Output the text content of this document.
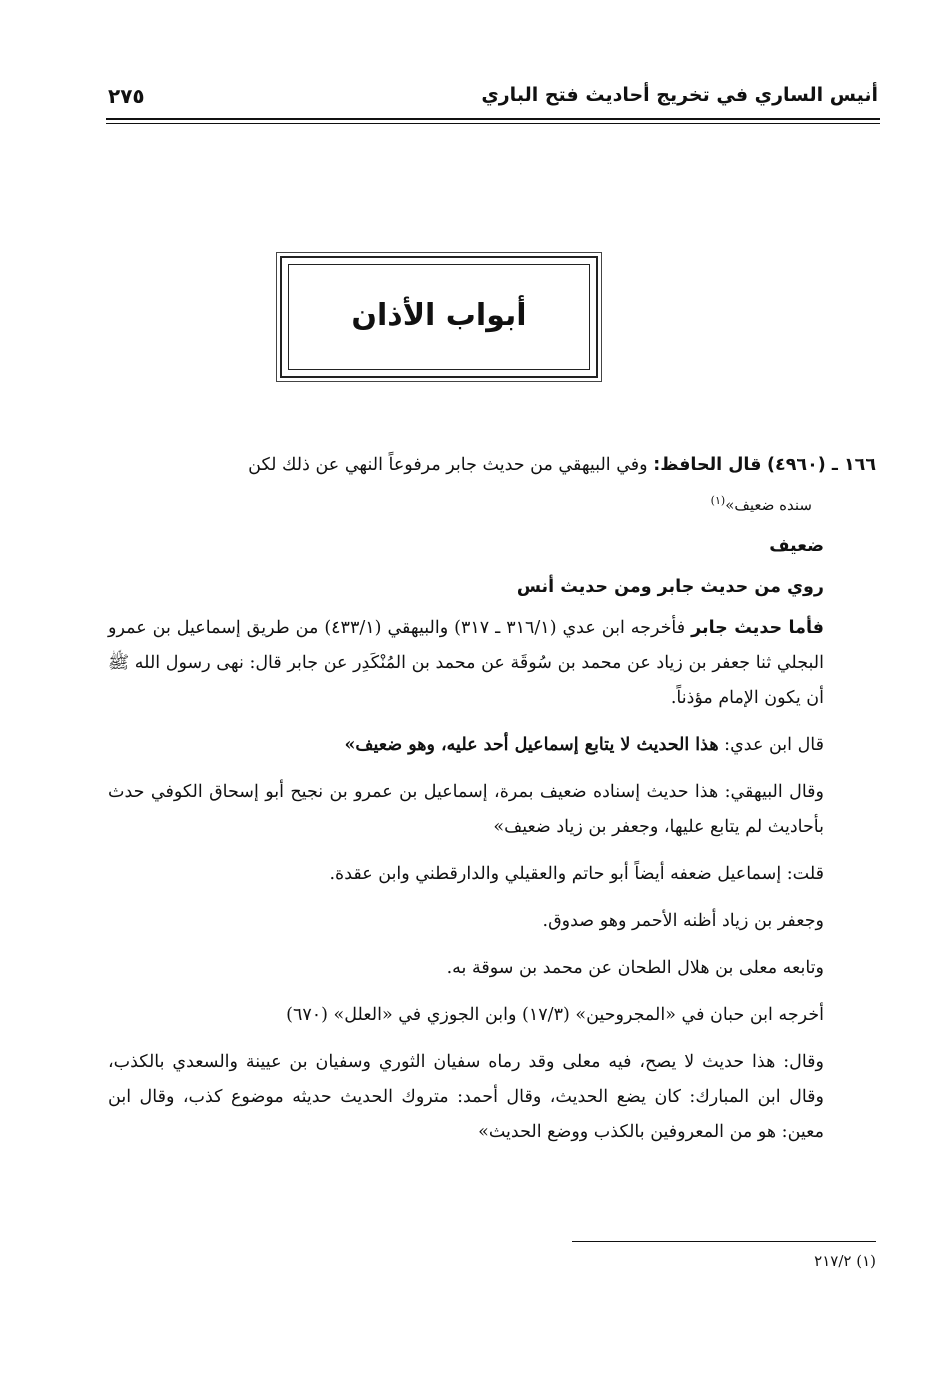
أنيس الساري في تخريج أحاديث فتح الباري
٢٧٥
أبواب الأذان

١٦٦ ـ (٤٩٦٠) قال الحافظ: وفي البيهقي من حديث جابر مرفوعاً النهي عن ذلك لكن

سنده ضعيف»$^{(١)}$

ضعيف

روي من حديث جابر ومن حديث أنس

فأما حديث جابر فأخرجه ابن عدي (٣١٦/١ ـ ٣١٧) والبيهقي (٤٣٣/١) من طريق إسماعيل بن عمرو البجلي ثنا جعفر بن زياد عن محمد بن سُوقَة عن محمد بن المُنْكَدِر عن جابر قال: نهى رسول الله ﷺ أن يكون الإمام مؤذناً.

قال ابن عدي: هذا الحديث لا يتابع إسماعيل أحد عليه، وهو ضعيف»

وقال البيهقي: هذا حديث إسناده ضعيف بمرة، إسماعيل بن عمرو بن نجيح أبو إسحاق الكوفي حدث بأحاديث لم يتابع عليها، وجعفر بن زياد ضعيف»

قلت: إسماعيل ضعفه أيضاً أبو حاتم والعقيلي والدارقطني وابن عقدة.

وجعفر بن زياد أظنه الأحمر وهو صدوق.

وتابعه معلى بن هلال الطحان عن محمد بن سوقة به.

أخرجه ابن حبان في «المجروحين» (١٧/٣) وابن الجوزي في «العلل» (٦٧٠)

وقال: هذا حديث لا يصح، فيه معلى وقد رماه سفيان الثوري وسفيان بن عيينة والسعدي بالكذب، وقال ابن المبارك: كان يضع الحديث، وقال أحمد: متروك الحديث حديثه موضوع كذب، وقال ابن معين: هو من المعروفين بالكذب ووضع الحديث»

(١) ٢١٧/٢
